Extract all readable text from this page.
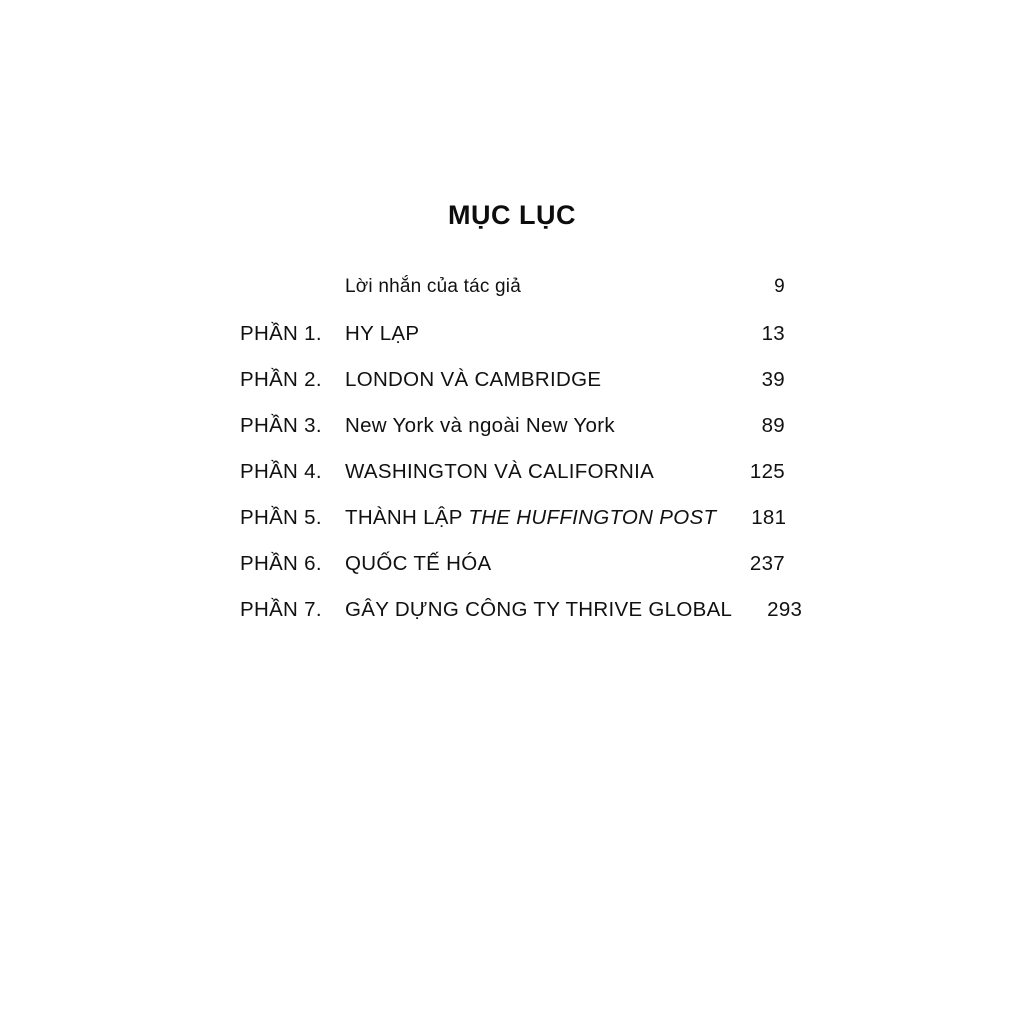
MỤC LỤC
Lời nhắn của tác giả	9
PHẦN 1.	HY LẠP	13
PHẦN 2.	LONDON VÀ CAMBRIDGE	39
PHẦN 3.	New York và ngoài New York	89
PHẦN 4.	WASHINGTON VÀ CALIFORNIA	125
PHẦN 5.	THÀNH LẬP THE HUFFINGTON POST	181
PHẦN 6.	QUỐC TẾ HÓA	237
PHẦN 7.	GÂY DỰNG CÔNG TY THRIVE GLOBAL	293
